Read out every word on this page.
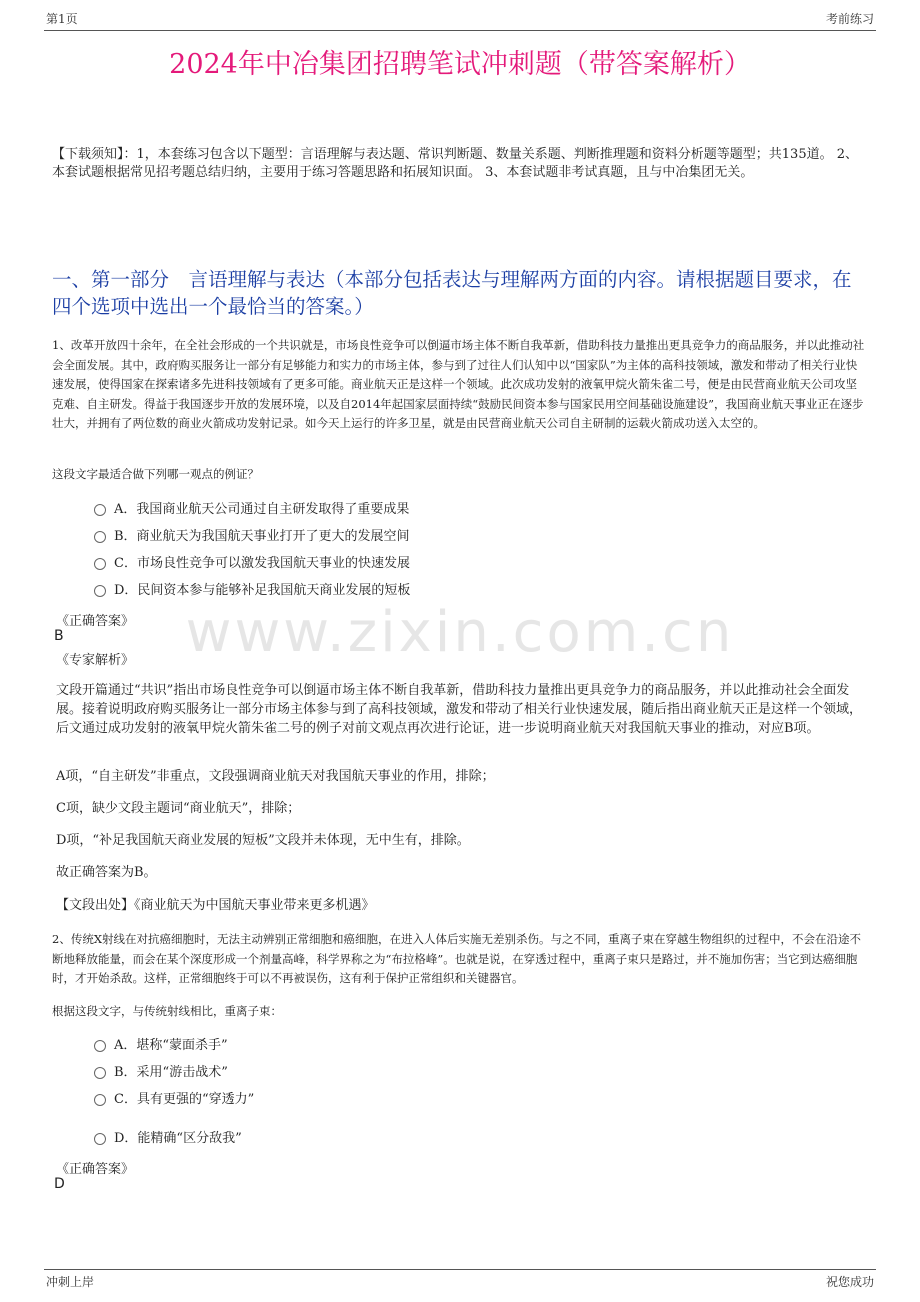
第1页	考前练习
2024年中冶集团招聘笔试冲刺题（带答案解析）
【下载须知】：1，本套练习包含以下题型：言语理解与表达题、常识判断题、数量关系题、判断推理题和资料分析题等题型；共135道。 2、本套试题根据常见招考题总结归纳，主要用于练习答题思路和拓展知识面。 3、本套试题非考试真题，且与中冶集团无关。
一、第一部分　言语理解与表达（本部分包括表达与理解两方面的内容。请根据题目要求，在四个选项中选出一个最恰当的答案。）
1、改革开放四十余年，在全社会形成的一个共识就是，市场良性竞争可以倒逼市场主体不断自我革新，借助科技力量推出更具竞争力的商品服务，并以此推动社会全面发展。其中，政府购买服务让一部分有足够能力和实力的市场主体，参与到了过往人们认知中以“国家队”为主体的高科技领域，激发和带动了相关行业快速发展，使得国家在探索诸多先进科技领域有了更多可能。商业航天正是这样一个领域。此次成功发射的液氧甲烷火箭朱雀二号，便是由民营商业航天公司攻坚克难、自主研发。得益于我国逐步开放的发展环境，以及自2014年起国家层面持续“鼓励民间资本参与国家民用空间基础设施建设”，我国商业航天事业正在逐步壮大，并拥有了两位数的商业火箭成功发射记录。如今天上运行的许多卫星，就是由民营商业航天公司自主研制的运载火箭成功送入太空的。
这段文字最适合做下列哪一观点的例证？
A．我国商业航天公司通过自主研发取得了重要成果
B．商业航天为我国航天事业打开了更大的发展空间
C．市场良性竞争可以激发我国航天事业的快速发展
D．民间资本参与能够补足我国航天商业发展的短板
《正确答案》
B
《专家解析》 www.zixin.com.cn
文段开篇通过“共识”指出市场良性竞争可以倒逼市场主体不断自我革新，借助科技力量推出更具竞争力的商品服务，并以此推动社会全面发展。接着说明政府购买服务让一部分市场主体参与到了高科技领域，激发和带动了相关行业快速发展，随后指出商业航天正是这样一个领域，后文通过成功发射的液氧甲烷火箭朱雀二号的例子对前文观点再次进行论证，进一步说明商业航天对我国航天事业的推动，对应B项。
A项，“自主研发”非重点，文段强调商业航天对我国航天事业的作用，排除；
C项，缺少文段主题词“商业航天”，排除；
D项，“补足我国航天商业发展的短板”文段并未体现，无中生有，排除。
故正确答案为B。
【文段出处】《商业航天为中国航天事业带来更多机遇》
2、传统X射线在对抗癌细胞时，无法主动辨别正常细胞和癌细胞，在进入人体后实施无差别杀伤。与之不同，重离子束在穿越生物组织的过程中，不会在沿途不断地释放能量，而会在某个深度形成一个剂量高峰，科学界称之为“布拉格峰”。也就是说，在穿透过程中，重离子束只是路过，并不施加伤害；当它到达癌细胞时，才开始杀敌。这样，正常细胞终于可以不再被误伤，这有利于保护正常组织和关键器官。
根据这段文字，与传统射线相比，重离子束：
A．堪称“蒙面杀手”
B．采用“游击战术”
C．具有更强的“穿透力”
D．能精确“区分敌我”
《正确答案》
D
冲刺上岸	祝您成功
